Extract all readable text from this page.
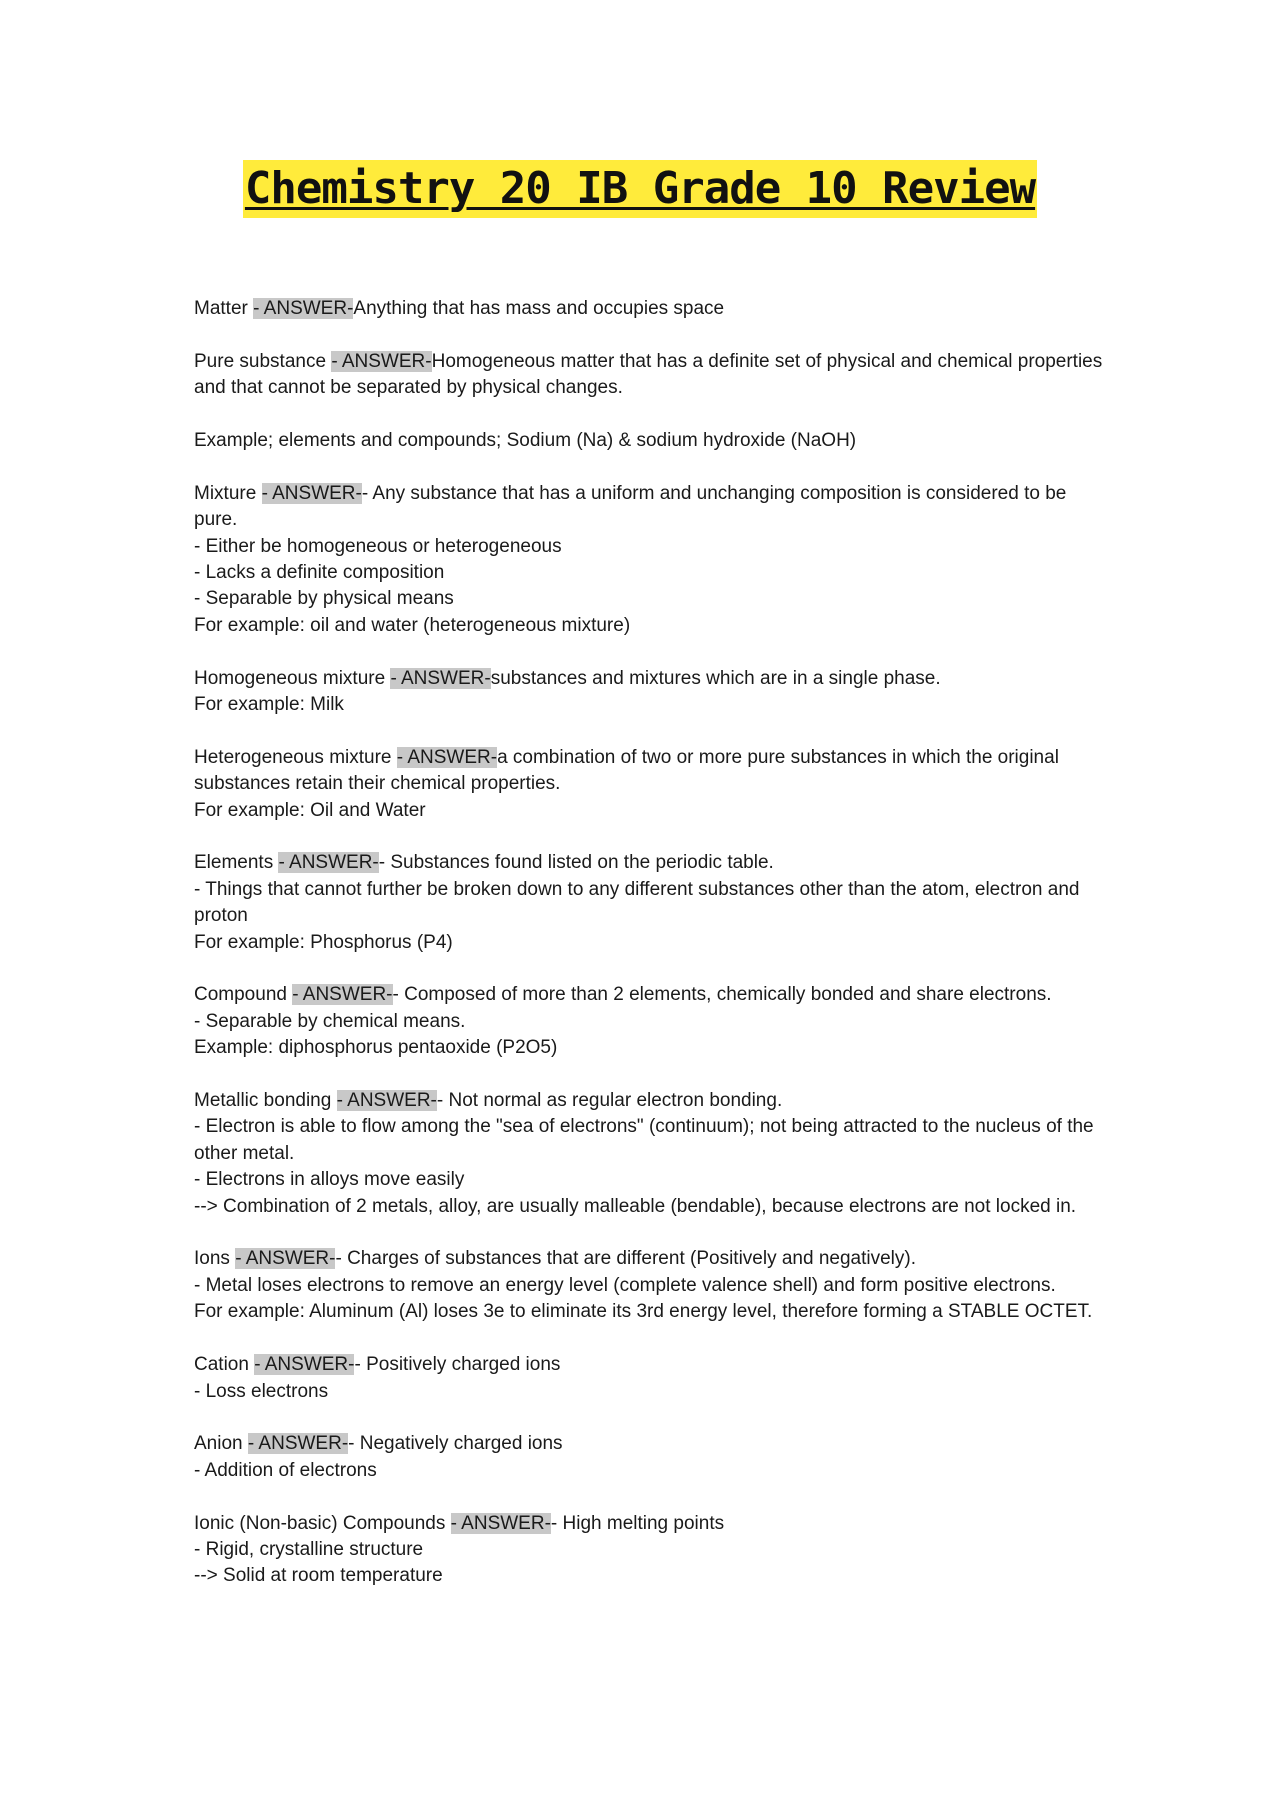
Chemistry 20 IB Grade 10 Review
Matter - ANSWER-Anything that has mass and occupies space
Pure substance - ANSWER-Homogeneous matter that has a definite set of physical and chemical properties and that cannot be separated by physical changes.
Example; elements and compounds; Sodium (Na) & sodium hydroxide (NaOH)
Mixture - ANSWER-- Any substance that has a uniform and unchanging composition is considered to be pure.
- Either be homogeneous or heterogeneous
- Lacks a definite composition
- Separable by physical means
For example: oil and water (heterogeneous mixture)
Homogeneous mixture - ANSWER-substances and mixtures which are in a single phase.
For example: Milk
Heterogeneous mixture - ANSWER-a combination of two or more pure substances in which the original substances retain their chemical properties.
For example: Oil and Water
Elements - ANSWER-- Substances found listed on the periodic table.
- Things that cannot further be broken down to any different substances other than the atom, electron and proton
For example: Phosphorus (P4)
Compound - ANSWER-- Composed of more than 2 elements, chemically bonded and share electrons.
- Separable by chemical means.
Example: diphosphorus pentaoxide (P2O5)
Metallic bonding - ANSWER-- Not normal as regular electron bonding.
- Electron is able to flow among the "sea of electrons" (continuum); not being attracted to the nucleus of the other metal.
- Electrons in alloys move easily
--> Combination of 2 metals, alloy, are usually malleable (bendable), because electrons are not locked in.
Ions - ANSWER-- Charges of substances that are different (Positively and negatively).
- Metal loses electrons to remove an energy level (complete valence shell) and form positive electrons.
For example: Aluminum (Al) loses 3e to eliminate its 3rd energy level, therefore forming a STABLE OCTET.
Cation - ANSWER-- Positively charged ions
- Loss electrons
Anion - ANSWER-- Negatively charged ions
- Addition of electrons
Ionic (Non-basic) Compounds - ANSWER-- High melting points
- Rigid, crystalline structure
--> Solid at room temperature
